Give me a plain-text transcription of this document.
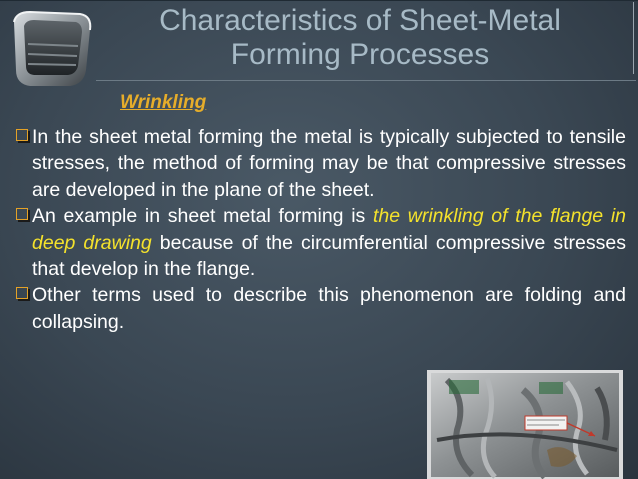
Characteristics of Sheet-Metal
Forming Processes
Wrinkling
In the sheet metal forming the metal is typically subjected to tensile stresses, the method of forming may be that compressive stresses are developed in the plane of the sheet.
An example in sheet metal forming is the wrinkling of the flange in deep drawing because of the circumferential compressive stresses that develop in the flange.
Other terms used to describe this phenomenon are folding and collapsing.
